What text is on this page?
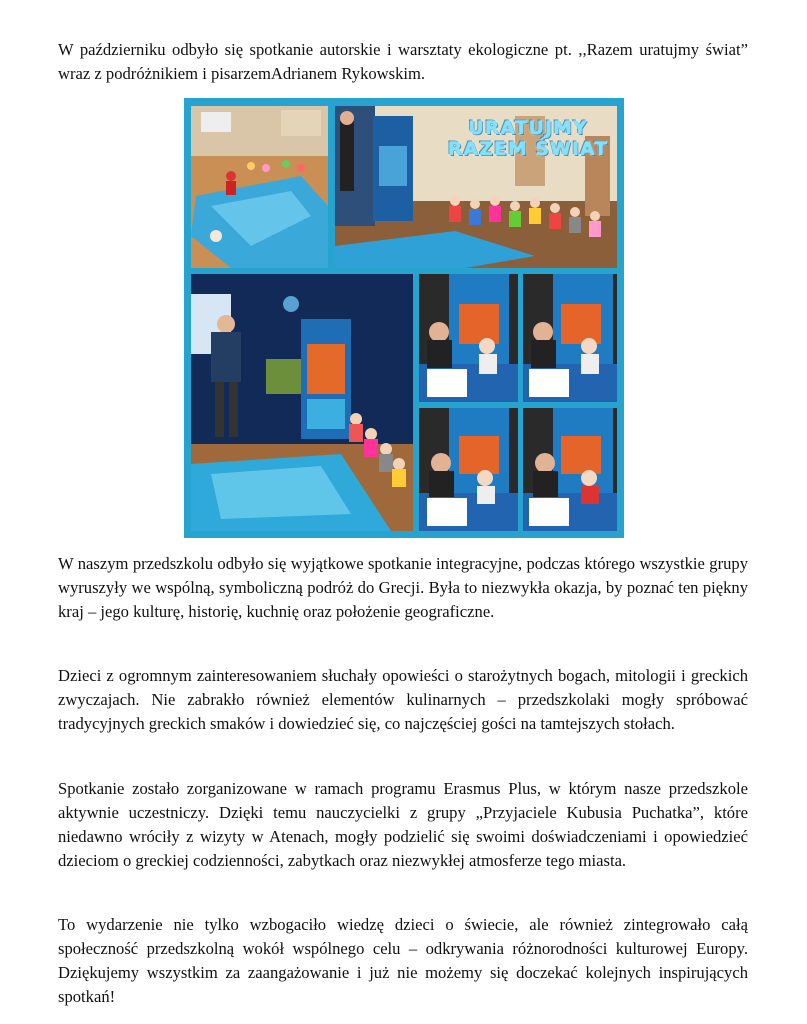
W październiku odbyło się spotkanie autorskie i warsztaty ekologiczne pt. ,,Razem uratujmy świat” wraz z podróżnikiem i pisarzemAdrianem Rykowskim.

URATUJMY
RAZEM ŚWIAT

W naszym przedszkolu odbyło się wyjątkowe spotkanie integracyjne, podczas którego wszystkie grupy wyruszyły we wspólną, symboliczną podróż do Grecji. Była to niezwykła okazja, by poznać ten piękny kraj – jego kulturę, historię, kuchnię oraz położenie geograficzne.

Dzieci z ogromnym zainteresowaniem słuchały opowieści o starożytnych bogach, mitologii i greckich zwyczajach. Nie zabrakło również elementów kulinarnych – przedszkolaki mogły spróbować tradycyjnych greckich smaków i dowiedzieć się, co najczęściej gości na tamtejszych stołach.

Spotkanie zostało zorganizowane w ramach programu Erasmus Plus, w którym nasze przedszkole aktywnie uczestniczy. Dzięki temu nauczycielki z grupy „Przyjaciele Kubusia Puchatka”, które niedawno wróciły z wizyty w Atenach, mogły podzielić się swoimi doświadczeniami i opowiedzieć dzieciom o greckiej codzienności, zabytkach oraz niezwykłej atmosferze tego miasta.

To wydarzenie nie tylko wzbogaciło wiedzę dzieci o świecie, ale również zintegrowało całą społeczność przedszkolną wokół wspólnego celu – odkrywania różnorodności kulturowej Europy. Dziękujemy wszystkim za zaangażowanie i już nie możemy się doczekać kolejnych inspirujących spotkań!
